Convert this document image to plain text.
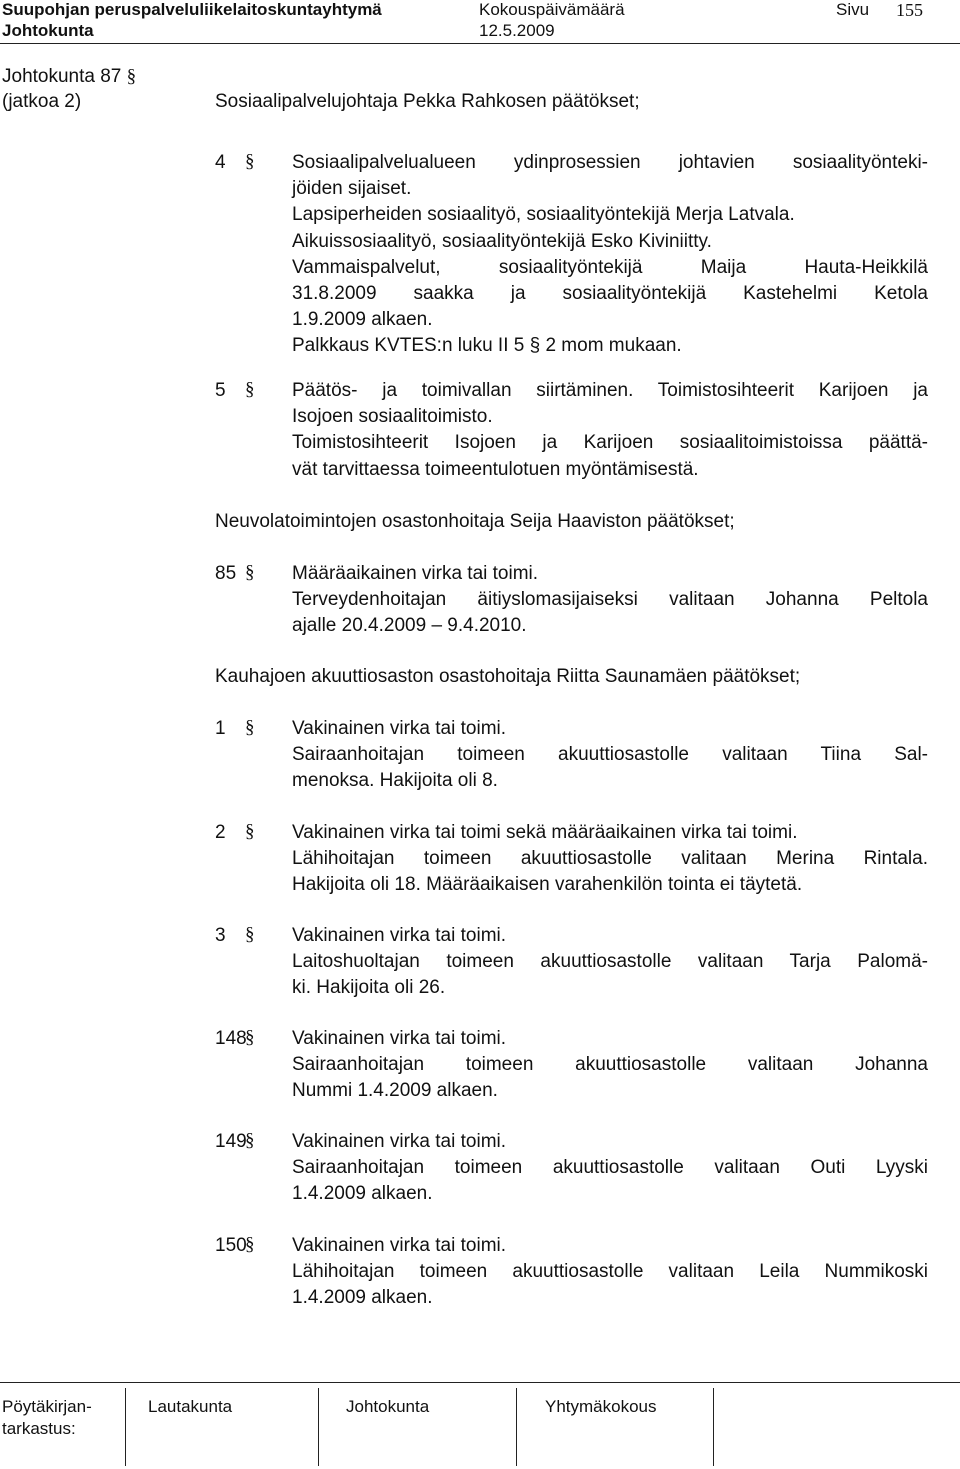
Suupohjan peruspalveluliikelaitoskuntayhtymä	Kokouspäivämäärä	Sivu 155
Johtokunta	12.5.2009
Johtokunta 87 §
(jatkoa 2)	Sosiaalipalvelujohtaja Pekka Rahkosen päätökset;
4 § Sosiaalipalvelualueen ydinprosessien johtavien sosiaalityönteki-
jöiden sijaiset.
Lapsiperheiden sosiaalityö, sosiaalityöntekijä Merja Latvala.
Aikuissosiaalityö, sosiaalityöntekijä Esko Kiviniitty.
Vammaispalvelut, sosiaalityöntekijä Maija Hauta-Heikkilä
31.8.2009 saakka ja sosiaalityöntekijä Kastehelmi Ketola
1.9.2009 alkaen.
Palkkaus KVTES:n luku II 5 § 2 mom mukaan.
5 § Päätös- ja toimivallan siirtäminen. Toimistosihteerit Karijoen ja
Isojoen sosiaalitoimisto.
Toimistosihteerit Isojoen ja Karijoen sosiaalitoimistoissa päättä-
vät tarvittaessa toimeentulotuen myöntämisestä.
Neuvolatoimintojen osastonhoitaja Seija Haaviston päätökset;
85 § Määräaikainen virka tai toimi.
Terveydenhoitajan äitiyslomasijaiseksi valitaan Johanna Peltola
ajalle 20.4.2009 – 9.4.2010.
Kauhajoen akuuttiosaston osastohoitaja Riitta Saunamäen päätökset;
1 § Vakinainen virka tai toimi.
Sairaanhoitajan toimeen akuuttiosastolle valitaan Tiina Sal-
menoksa. Hakijoita oli 8.
2 § Vakinainen virka tai toimi sekä määräaikainen virka tai toimi.
Lähihoitajan toimeen akuuttiosastolle valitaan Merina Rintala.
Hakijoita oli 18. Määräaikaisen varahenkilön tointa ei täytetä.
3 § Vakinainen virka tai toimi.
Laitoshuoltajan toimeen akuuttiosastolle valitaan Tarja Palomä-
ki. Hakijoita oli 26.
148
§ Vakinainen virka tai toimi.
Sairaanhoitajan toimeen akuuttiosastolle valitaan Johanna
Nummi 1.4.2009 alkaen.
149
§ Vakinainen virka tai toimi.
Sairaanhoitajan toimeen akuuttiosastolle valitaan Outi Lyyski
1.4.2009 alkaen.
150
§ Vakinainen virka tai toimi.
Lähihoitajan toimeen akuuttiosastolle valitaan Leila Nummikoski
1.4.2009 alkaen.
Pöytäkirjan-
tarkastus:
Lautakunta	Johtokunta	Yhtymäkokous
